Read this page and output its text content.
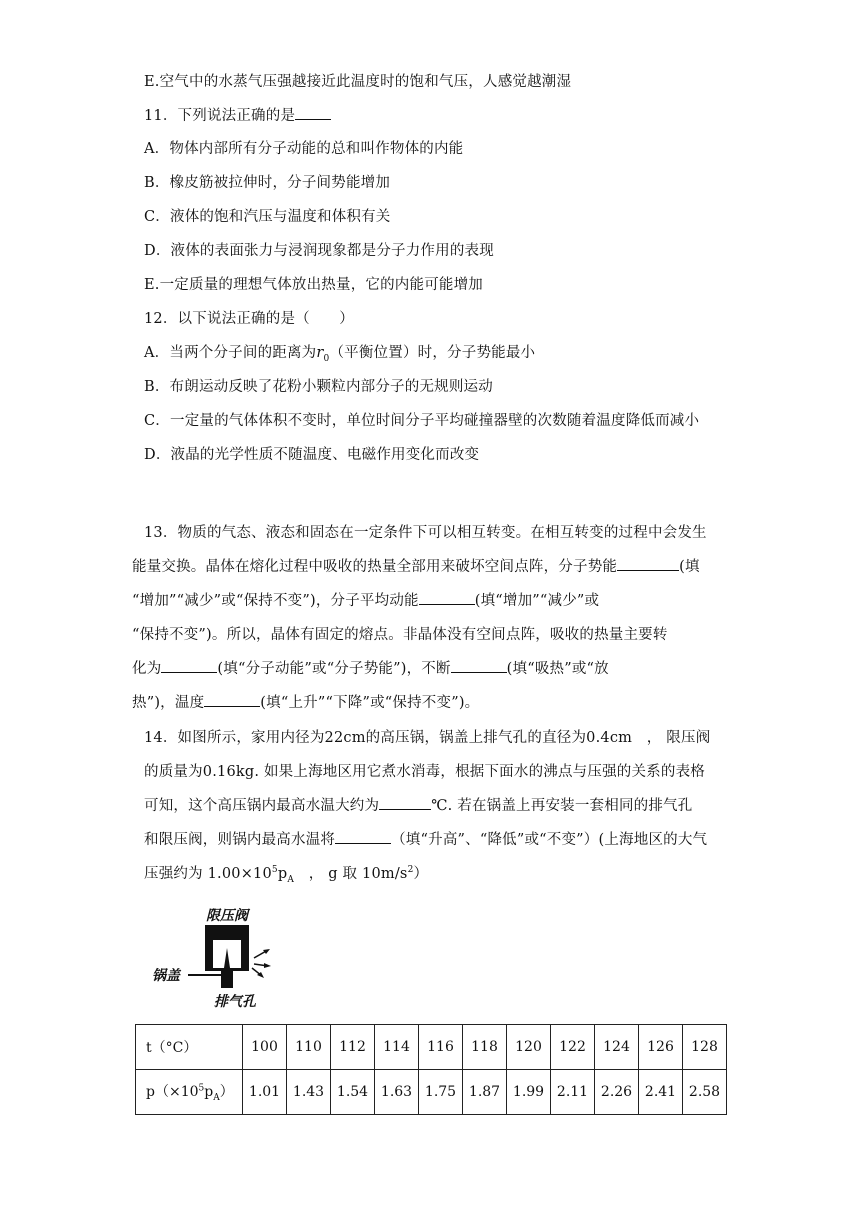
E.空气中的水蒸气压强越接近此温度时的饱和气压，人感觉越潮湿
11．下列说法正确的是
A．物体内部所有分子动能的总和叫作物体的内能
B．橡皮筋被拉伸时，分子间势能增加
C．液体的饱和汽压与温度和体积有关
D．液体的表面张力与浸润现象都是分子力作用的表现
E.一定质量的理想气体放出热量，它的内能可能增加
12．以下说法正确的是（　　）
A．当两个分子间的距离为$r_0$（平衡位置）时，分子势能最小
B．布朗运动反映了花粉小颗粒内部分子的无规则运动
C．一定量的气体体积不变时，单位时间分子平均碰撞器壁的次数随着温度降低而减小
D．液晶的光学性质不随温度、电磁作用变化而改变
13．物质的气态、液态和固态在一定条件下可以相互转变。在相互转变的过程中会发生
能量交换。晶体在熔化过程中吸收的热量全部用来破坏空间点阵，分子势能	(填
“增加”“减少”或“保持不变”)，分子平均动能	(填“增加”“减少”或
“保持不变”)。所以，晶体有固定的熔点。非晶体没有空间点阵，吸收的热量主要转
化为	(填“分子动能”或“分子势能”)，不断	(填“吸热”或“放
热”)，温度	(填“上升”“下降”或“保持不变”)。
14．如图所示，家用内径为22cm的高压锅，锅盖上排气孔的直径为0.4cm　， 限压阀
的质量为0.16kg. 如果上海地区用它煮水消毒，根据下面水的沸点与压强的关系的表格
可知，这个高压锅内最高水温大约为	℃. 若在锅盖上再安装一套相同的排气孔
和限压阀，则锅内最高水温将	（填“升高”、“降低”或“不变”）(上海地区的大气
压强约为 $1.00\times 10^5p_A$　， g 取 $10m/s^2$）
限压阀
锅盖
排气孔
t（°C）	100	110	112	114	116	118	120	122	124	126	128
$p(\times 10^5p_A)$	1.01	1.43	1.54	1.63	1.75	1.87	1.99	2.11	2.26	2.41	2.58
